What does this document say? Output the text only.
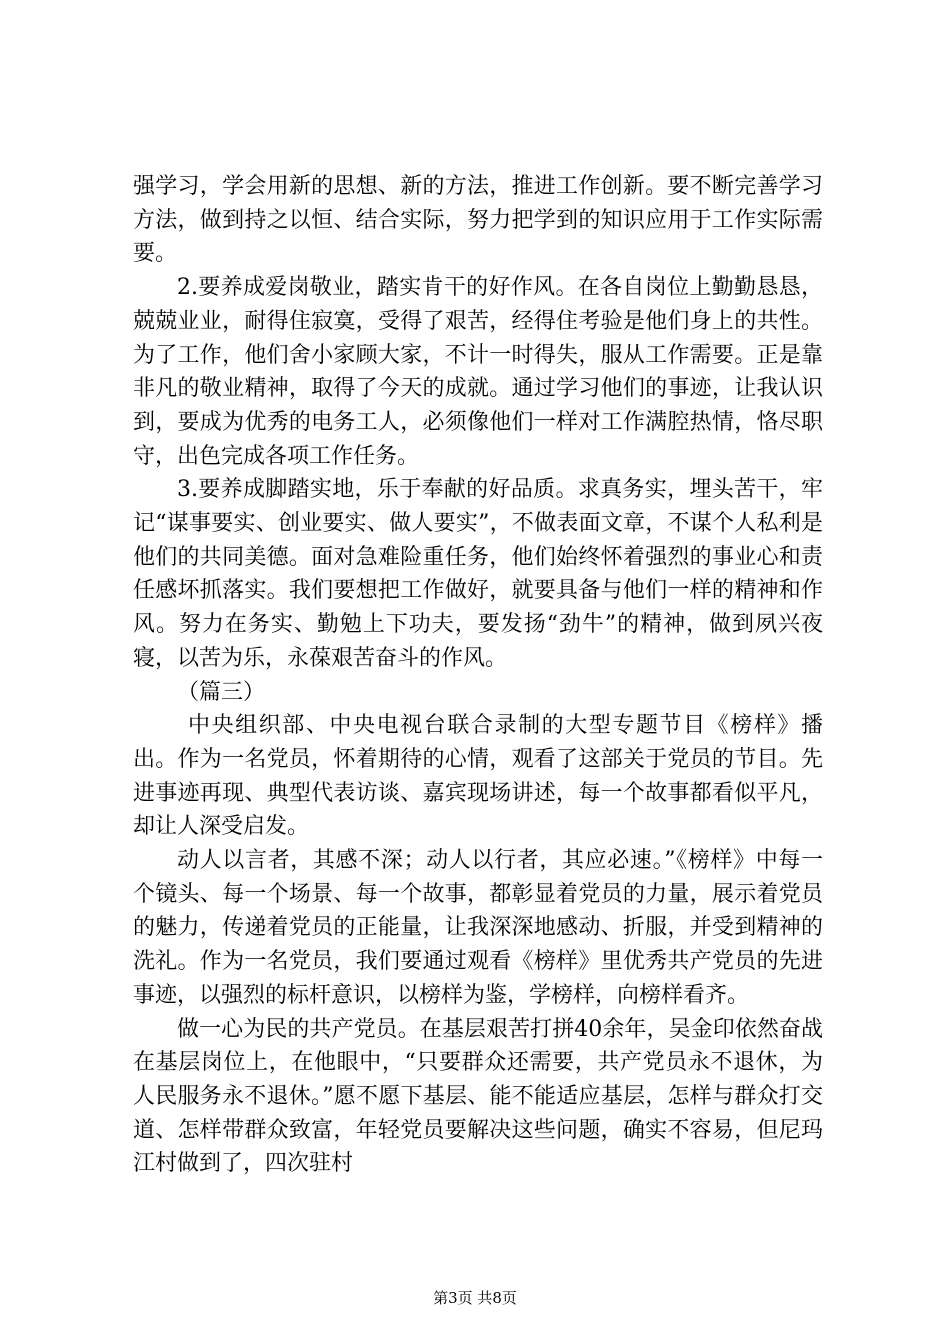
强学习，学会用新的思想、新的方法，推进工作创新。要不断完善学习方法，做到持之以恒、结合实际，努力把学到的知识应用于工作实际需要。

2.要养成爱岗敬业，踏实肯干的好作风。在各自岗位上勤勤恳恳，兢兢业业，耐得住寂寞，受得了艰苦，经得住考验是他们身上的共性。为了工作，他们舍小家顾大家，不计一时得失，服从工作需要。正是靠非凡的敬业精神，取得了今天的成就。通过学习他们的事迹，让我认识到，要成为优秀的电务工人，必须像他们一样对工作满腔热情，恪尽职守，出色完成各项工作任务。

3.要养成脚踏实地，乐于奉献的好品质。求真务实，埋头苦干，牢记“谋事要实、创业要实、做人要实”，不做表面文章，不谋个人私利是他们的共同美德。面对急难险重任务，他们始终怀着强烈的事业心和责任感坏抓落实。我们要想把工作做好，就要具备与他们一样的精神和作风。努力在务实、勤勉上下功夫，要发扬“劲牛”的精神，做到夙兴夜寝，以苦为乐，永葆艰苦奋斗的作风。

（篇三）

中央组织部、中央电视台联合录制的大型专题节目《榜样》播出。作为一名党员，怀着期待的心情，观看了这部关于党员的节目。先进事迹再现、典型代表访谈、嘉宾现场讲述，每一个故事都看似平凡，却让人深受启发。

动人以言者，其感不深；动人以行者，其应必速。”《榜样》中每一个镜头、每一个场景、每一个故事，都彰显着党员的力量，展示着党员的魅力，传递着党员的正能量，让我深深地感动、折服，并受到精神的洗礼。作为一名党员，我们要通过观看《榜样》里优秀共产党员的先进事迹，以强烈的标杆意识，以榜样为鉴，学榜样，向榜样看齐。

做一心为民的共产党员。在基层艰苦打拼40余年，吴金印依然奋战在基层岗位上，在他眼中，“只要群众还需要，共产党员永不退休，为人民服务永不退休。”愿不愿下基层、能不能适应基层，怎样与群众打交道、怎样带群众致富，年轻党员要解决这些问题，确实不容易，但尼玛江村做到了，四次驻村

第3页 共8页
